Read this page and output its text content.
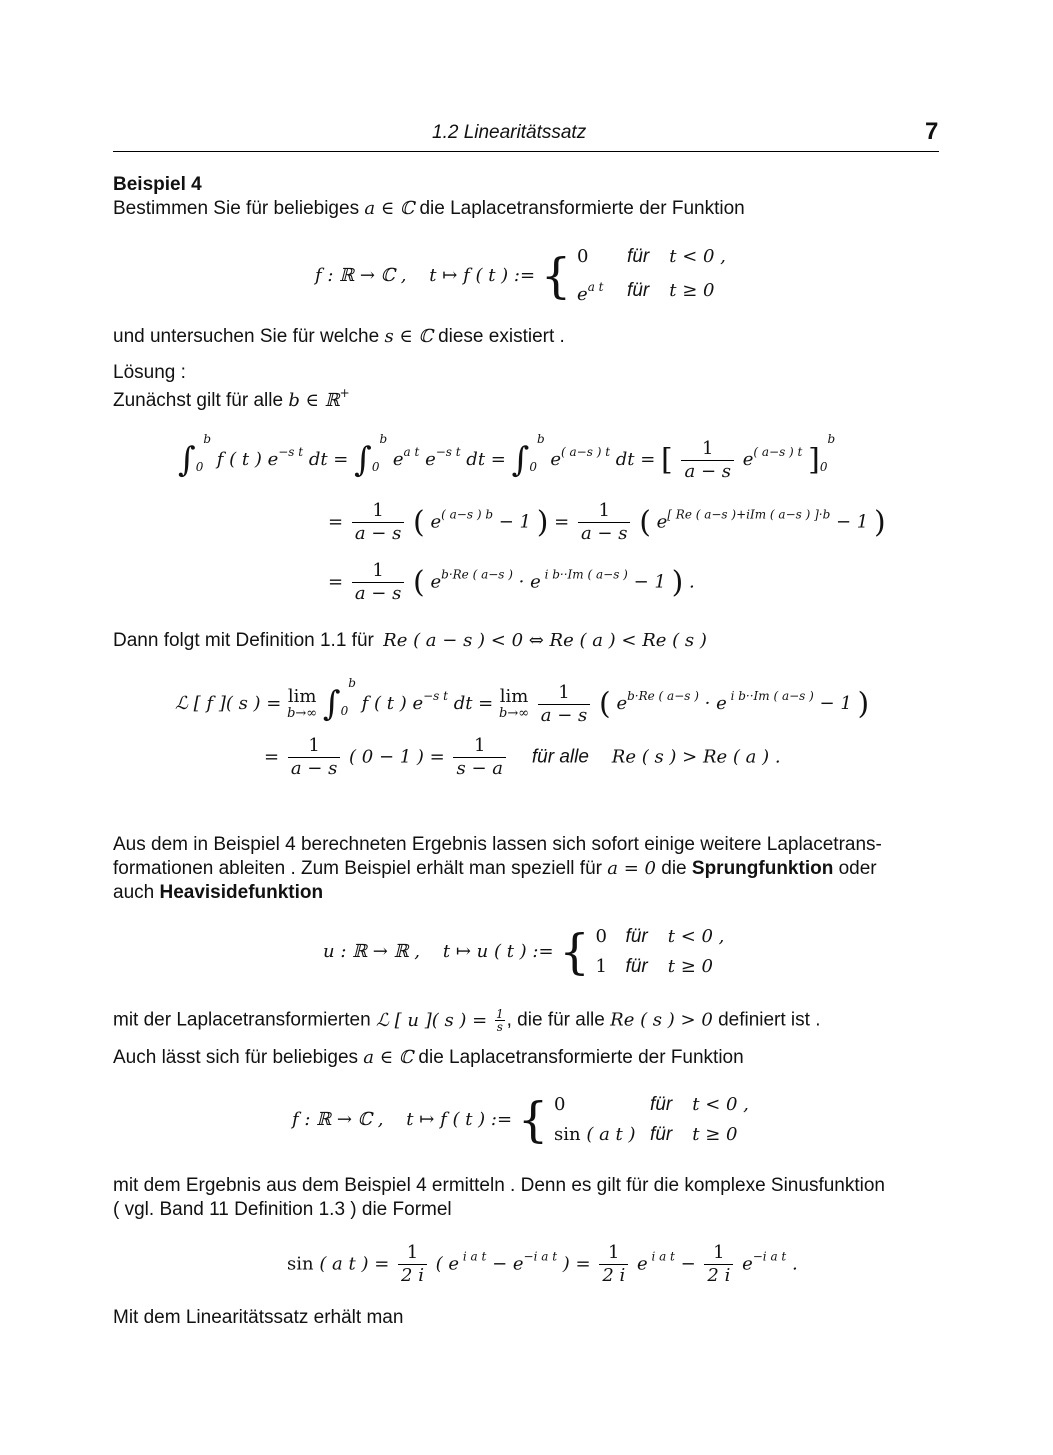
1.2 Linearitätssatz	7
Beispiel 4
Bestimmen Sie für beliebiges a ∈ ℂ die Laplacetransformierte der Funktion
f : ℝ → ℂ ,    t ↦ f ( t ) := { 0	für	t < 0 ,
$e^{a t}$	für	t ≥ 0
und untersuchen Sie für welche s ∈ ℂ diese existiert .
Lösung :
Zunächst gilt für alle b ∈ ℝ+
$\int_0^b$ f ( t ) $e^{-s t}$ dt = $\int_0^b$ $e^{a t}$ $e^{-s t}$ dt = $\int_0^b$ $e^{( a-s ) t}$ dt = [ $\frac{1}{a - s} e^{( a-s ) t}$ ]$_0^b$
= $\frac{1}{a - s}$ ( $e^{( a-s ) b} - 1$ ) = $\frac{1}{a - s}$ ( $e^{[ Re ( a-s )+iIm ( a-s ) ]\cdot b} - 1$ )
= $\frac{1}{a - s}$ ( $e^{b\cdot Re ( a-s )} \cdot e$ $^{i b\cdot\cdot Im ( a-s )}$ − 1 ) .
Dann folgt mit Definition 1.1 für Re ( a − s ) < 0 ⇔ Re ( a ) < Re ( s )
ℒ [ f ]( s ) = lim
b→∞ $\int_0^b$ f ( t ) $e^{-s t}$ dt = lim
b→∞
$\frac{1}{a - s}$ ( $e^{b\cdot Re ( a-s )} \cdot e$ $^{i b\cdot\cdot Im ( a-s )}$ − 1 )
= $\frac{1}{a - s}$ ( 0 − 1 ) = $\frac{1}{s - a}$ für alle    Re ( s ) > Re ( a ) .
Aus dem in Beispiel 4 berechneten Ergebnis lassen sich sofort einige weitere Laplacetrans-
formationen ableiten . Zum Beispiel erhält man speziell für a = 0 die Sprungfunktion oder
auch Heavisidefunktion
u : ℝ → ℝ ,    t ↦ u ( t ) := { 0	für	t < 0 ,
1	für	t ≥ 0
mit der Laplacetransformierten ℒ [ u ]( s ) = $\frac{1}{s}$ , die für alle Re ( s ) > 0 definiert ist .
Auch lässt sich für beliebiges a ∈ ℂ die Laplacetransformierte der Funktion
f : ℝ → ℂ ,    t ↦ f ( t ) := { 0	für	t < 0 ,
sin ( a t )	für	t ≥ 0
mit dem Ergebnis aus dem Beispiel 4 ermitteln . Denn es gilt für die komplexe Sinusfunktion
( vgl. Band 11 Definition 1.3 ) die Formel
sin ( a t ) = $\frac{1}{2 i}$ ( e $^{i a t} - e^{-i a t}$ ) = $\frac{1}{2 i}$ e $^{i a t} - \frac{1}{2 i} e^{-i a t}$ .
Mit dem Linearitätssatz erhält man
